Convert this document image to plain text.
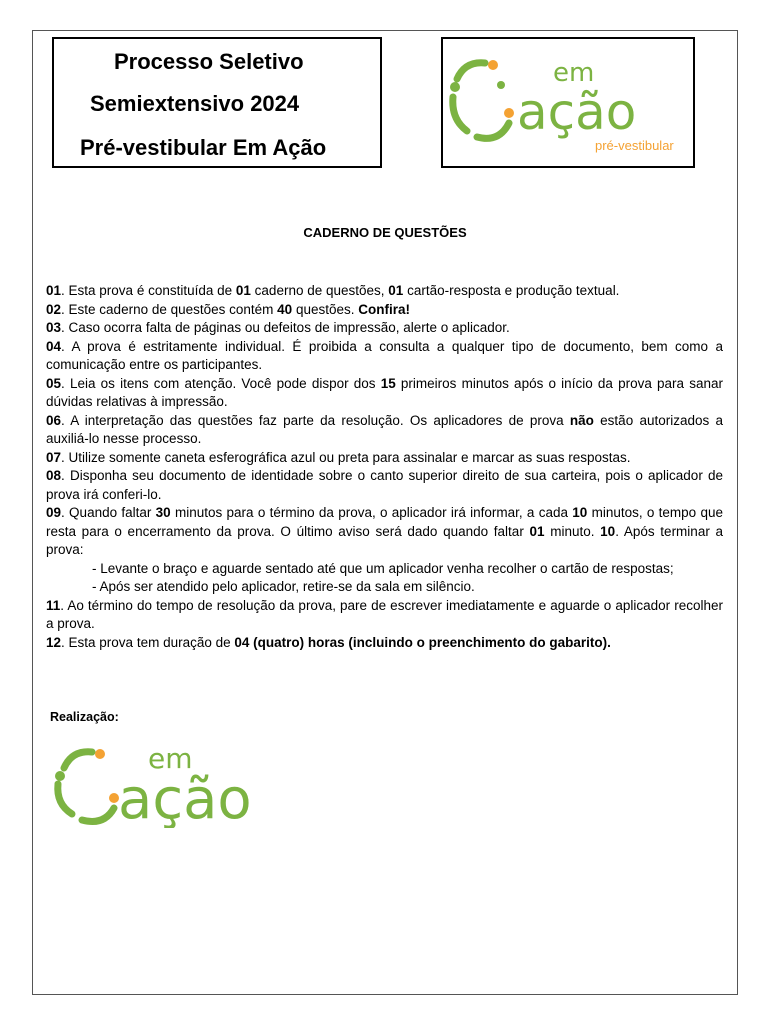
Processo Seletivo
Semiextensivo 2024
Pré-vestibular Em Ação
em
ação
pré-vestibular
CADERNO DE QUESTÕES

01. Esta prova é constituída de 01 caderno de questões, 01 cartão-resposta e produção textual.

02. Este caderno de questões contém 40 questões. Confira!

03. Caso ocorra falta de páginas ou defeitos de impressão, alerte o aplicador.

04. A prova é estritamente individual. É proibida a consulta a qualquer tipo de documento, bem como a comunicação entre os participantes.

05. Leia os itens com atenção. Você pode dispor dos 15 primeiros minutos após o início da prova para sanar dúvidas relativas à impressão.

06. A interpretação das questões faz parte da resolução. Os aplicadores de prova não estão autorizados a auxiliá-lo nesse processo.

07. Utilize somente caneta esferográfica azul ou preta para assinalar e marcar as suas respostas.

08. Disponha seu documento de identidade sobre o canto superior direito de sua carteira, pois o aplicador de prova irá conferi-lo.

09. Quando faltar 30 minutos para o término da prova, o aplicador irá informar, a cada 10 minutos, o tempo que resta para o encerramento da prova. O último aviso será dado quando faltar 01 minuto. 10. Após terminar a prova:

- Levante o braço e aguarde sentado até que um aplicador venha recolher o cartão de respostas;

- Após ser atendido pelo aplicador, retire-se da sala em silêncio.

11. Ao término do tempo de resolução da prova, pare de escrever imediatamente e aguarde o aplicador recolher a prova.

12. Esta prova tem duração de 04 (quatro) horas (incluindo o preenchimento do gabarito).

Realização:
em
ação
